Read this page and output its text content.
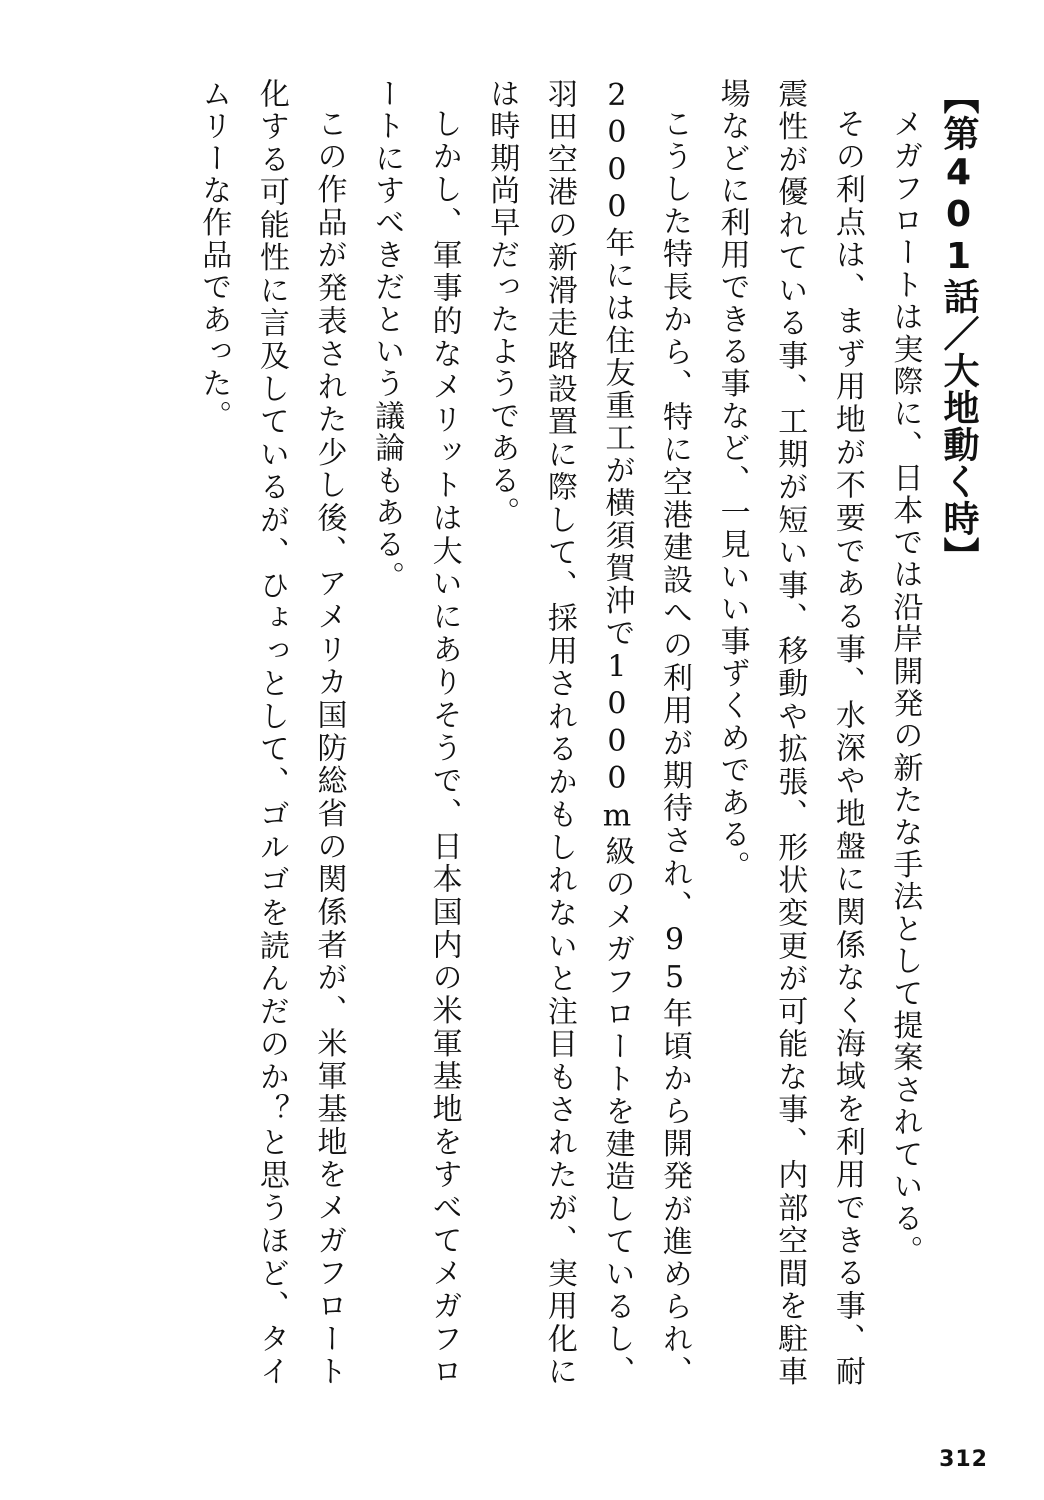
【第401話／大地動く時】

メガフロートは実際に、日本では沿岸開発の新たな手法として提案されている。

その利点は、まず用地が不要である事、水深や地盤に関係なく海域を利用できる事、耐震性が優れている事、工期が短い事、移動や拡張、形状変更が可能な事、内部空間を駐車場などに利用できる事など、一見いい事ずくめである。

こうした特長から、特に空港建設への利用が期待され、95年頃から開発が進められ、2000年には住友重工が横須賀沖で1000m級のメガフロートを建造しているし、羽田空港の新滑走路設置に際して、採用されるかもしれないと注目もされたが、実用化には時期尚早だったようである。

しかし、軍事的なメリットは大いにありそうで、日本国内の米軍基地をすべてメガフロートにすべきだという議論もある。

この作品が発表された少し後、アメリカ国防総省の関係者が、米軍基地をメガフロート化する可能性に言及しているが、ひょっとして、ゴルゴを読んだのか？と思うほど、タイムリーな作品であった。

312
